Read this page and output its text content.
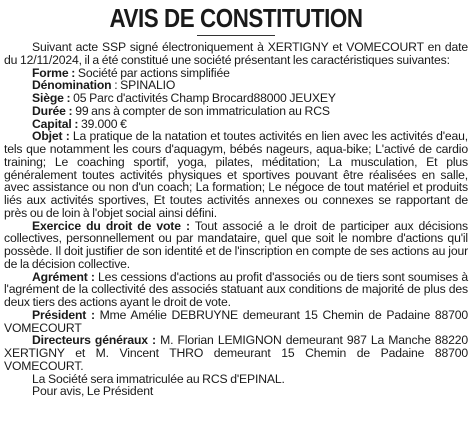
AVIS DE CONSTITUTION

Suivant acte SSP signé électroniquement à XERTIGNY et VOMECOURT en date du 12/11/2024, il a été constitué une société présentant les caractéristiques suivantes:

Forme : Société par actions simplifiée

Dénomination : SPINALIO

Siège : 05 Parc d'activités Champ Brocard88000 JEUXEY

Durée : 99 ans à compter de son immatriculation au RCS

Capital : 39.000 €

Objet : La pratique de la natation et toutes activités en lien avec les activités d'eau, tels que notamment les cours d'aquagym, bébés nageurs, aqua-bike; L'activé de cardio training; Le coaching sportif, yoga, pilates, méditation; La musculation, Et plus généralement toutes activités physiques et sportives pouvant être réalisées en salle, avec assistance ou non d'un coach; La formation; Le négoce de tout matériel et produits liés aux activités sportives, Et toutes activités annexes ou connexes se rapportant de près ou de loin à l'objet social ainsi défini.

Exercice du droit de vote : Tout associé a le droit de participer aux décisions collectives, personnellement ou par mandataire, quel que soit le nombre d'actions qu'il possède. Il doit justifier de son identité et de l'inscription en compte de ses actions au jour de la décision collective.

Agrément : Les cessions d'actions au profit d'associés ou de tiers sont soumises à l'agrément de la collectivité des associés statuant aux conditions de majorité de plus des deux tiers des actions ayant le droit de vote.

Président : Mme Amélie DEBRUYNE demeurant 15 Chemin de Padaine 88700 VOMECOURT

Directeurs généraux : M. Florian LEMIGNON demeurant 987 La Manche 88220 XERTIGNY et M. Vincent THRO demeurant 15 Chemin de Padaine 88700 VOMECOURT.

La Société sera immatriculée au RCS d'EPINAL.

Pour avis, Le Président
